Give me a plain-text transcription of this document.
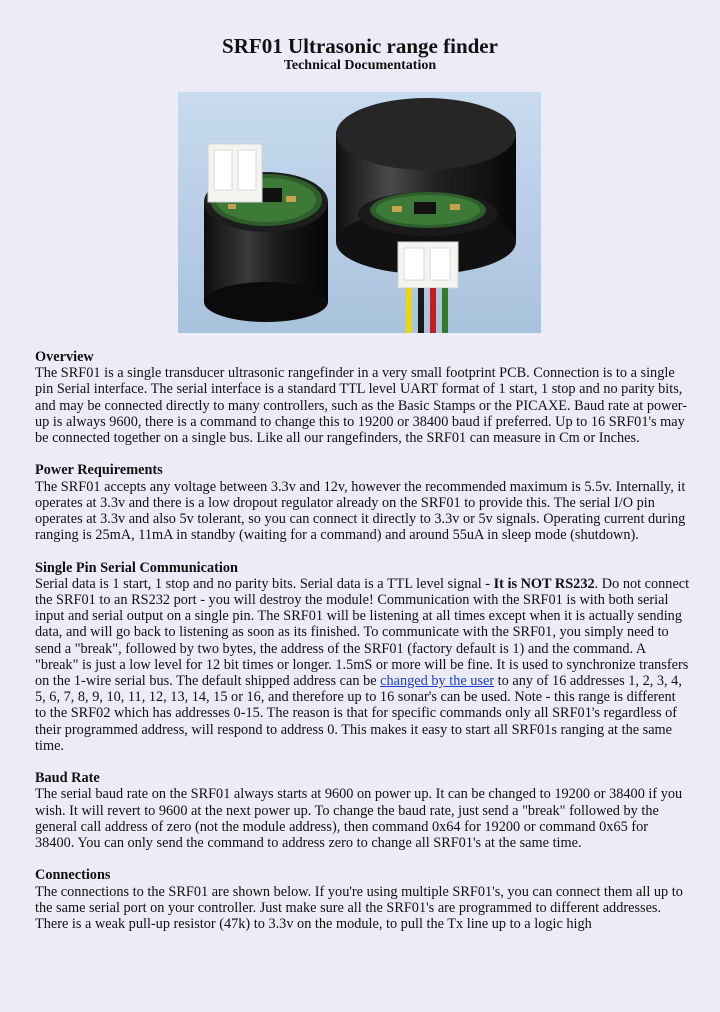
SRF01 Ultrasonic range finder
Technical Documentation
Overview

The SRF01 is a single transducer ultrasonic rangefinder in a very small footprint PCB. Connection is to a single pin Serial interface. The serial interface is a standard TTL level UART format of 1 start, 1 stop and no parity bits, and may be connected directly to many controllers, such as the Basic Stamps or the PICAXE. Baud rate at power-up is always 9600, there is a command to change this to 19200 or 38400 baud if preferred. Up to 16 SRF01's may be connected together on a single bus. Like all our rangefinders, the SRF01 can measure in Cm or Inches.

Power Requirements

The SRF01 accepts any voltage between 3.3v and 12v, however the recommended maximum is 5.5v. Internally, it operates at 3.3v and there is a low dropout regulator already on the SRF01 to provide this. The serial I/O pin operates at 3.3v and also 5v tolerant, so you can connect it directly to 3.3v or 5v signals. Operating current during ranging is 25mA, 11mA in standby (waiting for a command) and around 55uA in sleep mode (shutdown).

Single Pin Serial Communication

Serial data is 1 start, 1 stop and no parity bits. Serial data is a TTL level signal - It is NOT RS232. Do not connect the SRF01 to an RS232 port - you will destroy the module! Communication with the SRF01 is with both serial input and serial output on a single pin. The SRF01 will be listening at all times except when it is actually sending data, and will go back to listening as soon as its finished. To communicate with the SRF01, you simply need to send a "break", followed by two bytes, the address of the SRF01 (factory default is 1) and the command. A "break" is just a low level for 12 bit times or longer. 1.5mS or more will be fine. It is used to synchronize transfers on the 1-wire serial bus. The default shipped address can be changed by the user to any of 16 addresses 1, 2, 3, 4, 5, 6, 7, 8, 9, 10, 11, 12, 13, 14, 15 or 16, and therefore up to 16 sonar's can be used. Note - this range is different to the SRF02 which has addresses 0-15. The reason is that for specific commands only all SRF01's regardless of their programmed address, will respond to address 0. This makes it easy to start all SRF01s ranging at the same time.

Baud Rate

The serial baud rate on the SRF01 always starts at 9600 on power up. It can be changed to 19200 or 38400 if you wish. It will revert to 9600 at the next power up. To change the baud rate, just send a "break" followed by the general call address of zero (not the module address), then command 0x64 for 19200 or command 0x65 for 38400. You can only send the command to address zero to change all SRF01's at the same time.

Connections

The connections to the SRF01 are shown below. If you're using multiple SRF01's, you can connect them all up to the same serial port on your controller. Just make sure all the SRF01's are programmed to different addresses. There is a weak pull-up resistor (47k) to 3.3v on the module, to pull the Tx line up to a logic high
